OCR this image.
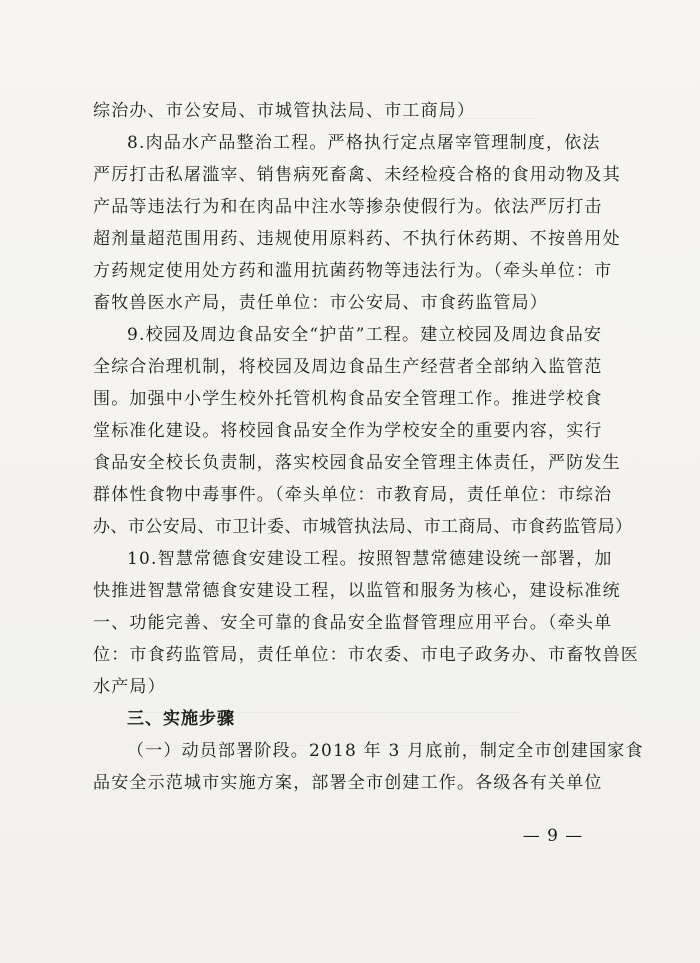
综治办、市公安局、市城管执法局、市工商局）
8.肉品水产品整治工程。严格执行定点屠宰管理制度，依法
严厉打击私屠滥宰、销售病死畜禽、未经检疫合格的食用动物及其
产品等违法行为和在肉品中注水等掺杂使假行为。依法严厉打击
超剂量超范围用药、违规使用原料药、不执行休药期、不按兽用处
方药规定使用处方药和滥用抗菌药物等违法行为。（牵头单位：市
畜牧兽医水产局，责任单位：市公安局、市食药监管局）
9.校园及周边食品安全“护苗”工程。建立校园及周边食品安
全综合治理机制，将校园及周边食品生产经营者全部纳入监管范
围。加强中小学生校外托管机构食品安全管理工作。推进学校食
堂标准化建设。将校园食品安全作为学校安全的重要内容，实行
食品安全校长负责制，落实校园食品安全管理主体责任，严防发生
群体性食物中毒事件。（牵头单位：市教育局，责任单位：市综治
办、市公安局、市卫计委、市城管执法局、市工商局、市食药监管局）
10.智慧常德食安建设工程。按照智慧常德建设统一部署，加
快推进智慧常德食安建设工程，以监管和服务为核心，建设标准统
一、功能完善、安全可靠的食品安全监督管理应用平台。（牵头单
位：市食药监管局，责任单位：市农委、市电子政务办、市畜牧兽医
水产局）
三、实施步骤
（一）动员部署阶段。2018 年 3 月底前，制定全市创建国家食
品安全示范城市实施方案，部署全市创建工作。各级各有关单位
— 9 —
